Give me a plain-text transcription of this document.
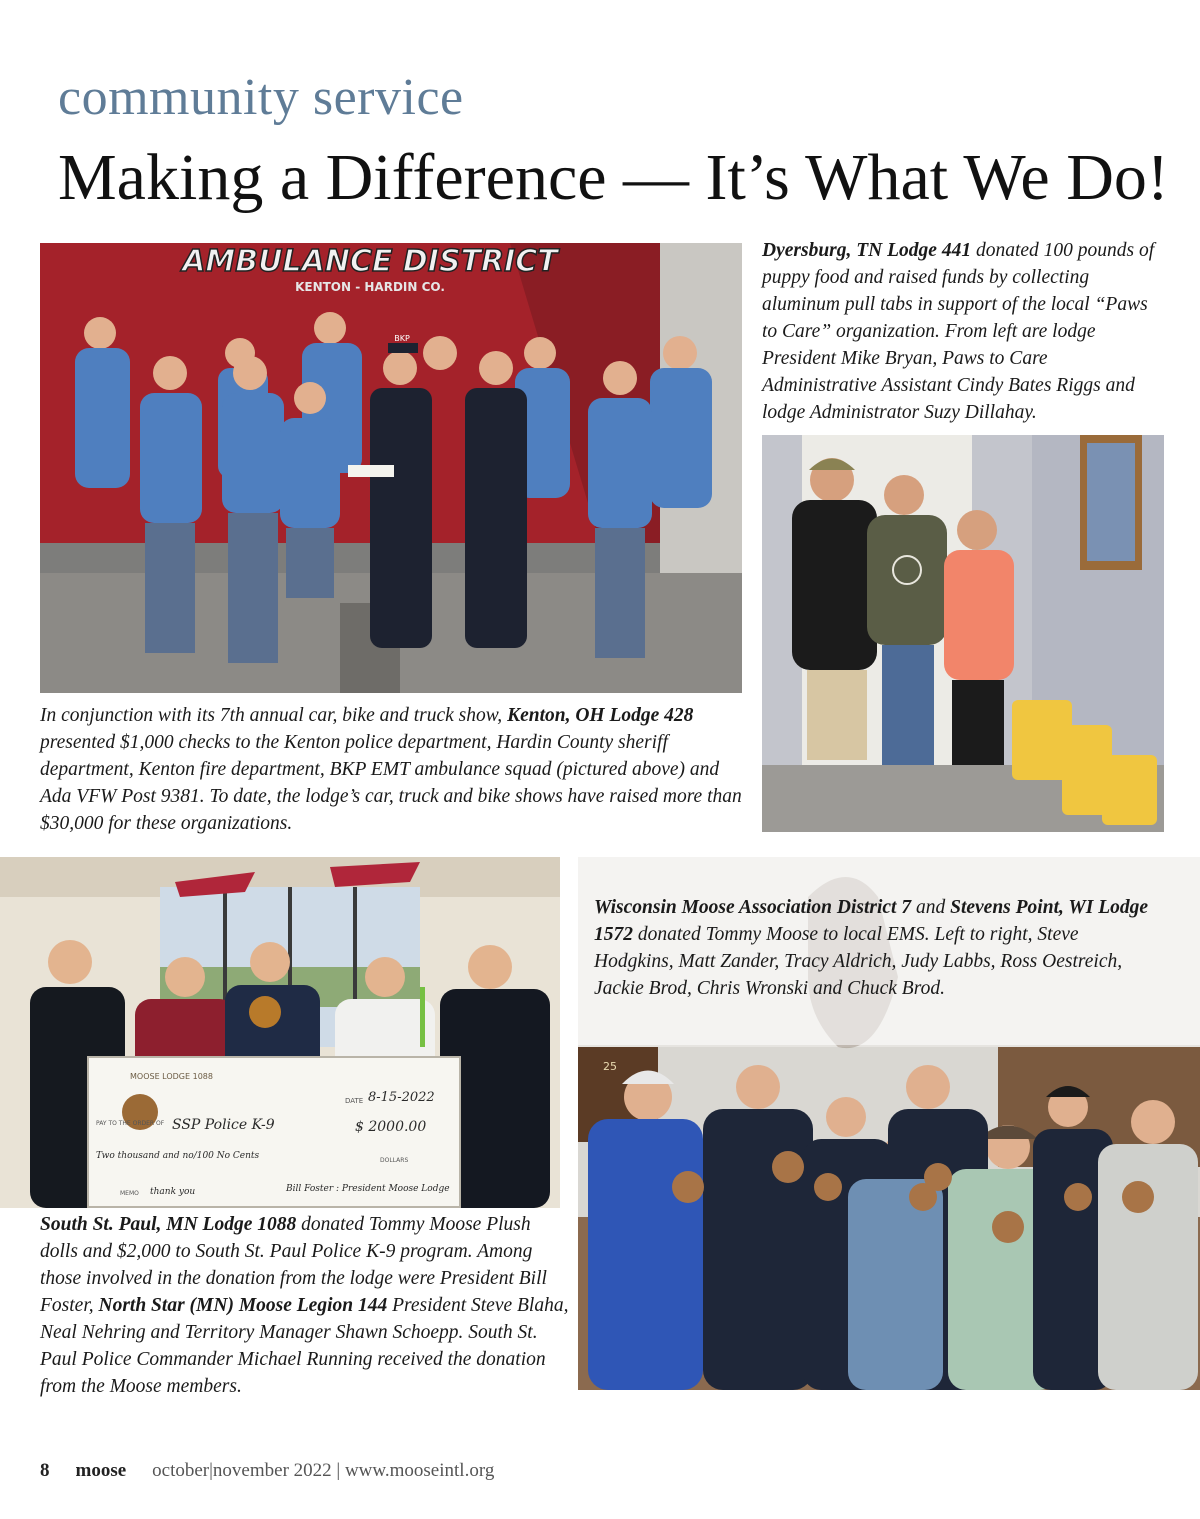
community service
Making a Difference — It’s What We Do!
AMBULANCE DISTRICT
KENTON - HARDIN CO.
BKP
In conjunction with its 7th annual car, bike and truck show, Kenton, OH Lodge 428 presented $1,000 checks to the Kenton police department, Hardin County sheriff department, Kenton fire department, BKP EMT ambulance squad (pictured above) and Ada VFW Post 9381. To date, the lodge’s car, truck and bike shows have raised more than $30,000 for these organizations.
Dyersburg, TN Lodge 441 donated 100 pounds of puppy food and raised funds by collecting aluminum pull tabs in support of the local “Paws to Care” organization. From left are lodge President Mike Bryan, Paws to Care Administrative Assistant Cindy Bates Riggs and lodge Administrator Suzy Dillahay.
MOOSE LODGE 1088
DATE 8-15-2022
PAY TO THE ORDER OF SSP Police K-9	$ 2000.00
Two thousand and no/100 No Cents	DOLLARS
MEMO thank you	Bill Foster : President Moose Lodge
South St. Paul, MN Lodge 1088 donated Tommy Moose Plush dolls and $2,000 to South St. Paul Police K-9 program. Among those involved in the donation from the lodge were President Bill Foster, North Star (MN) Moose Legion 144 President Steve Blaha, Neal Nehring and Territory Manager Shawn Schoepp. South St. Paul Police Commander Michael Running received the donation from the Moose members.
25
Wisconsin Moose Association District 7 and Stevens Point, WI Lodge 1572 donated Tommy Moose to local EMS. Left to right, Steve Hodgkins, Matt Zander, Tracy Aldrich, Judy Labbs, Ross Oestreich, Jackie Brod, Chris Wronski and Chuck Brod.
8 moose october|november 2022 | www.mooseintl.org
